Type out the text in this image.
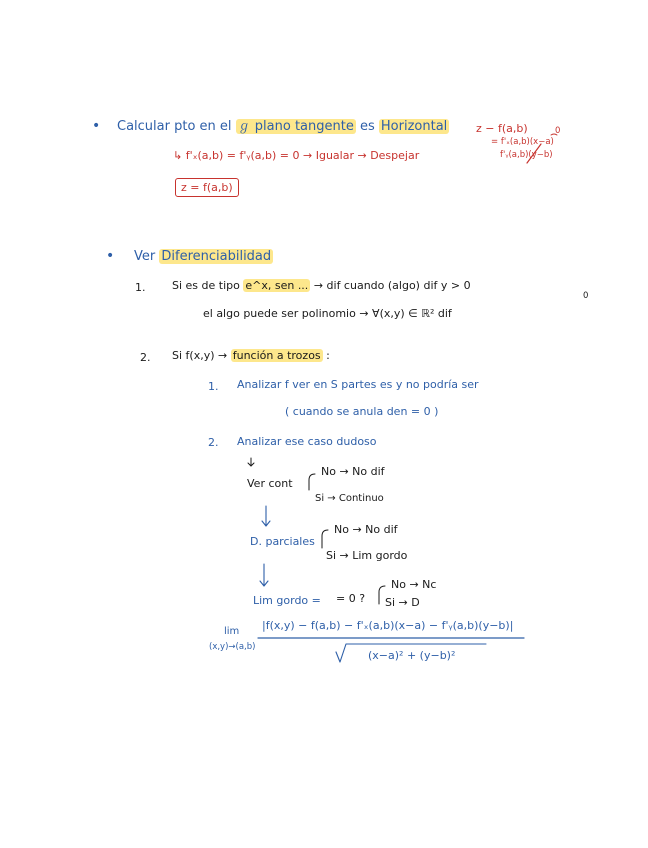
• Calcular pto en el ℊ plano tangente es Horizontal	z − f(a,b)	0
= f'ₓ(a,b)(x−a)
f'ᵧ(a,b)(y−b)
↳ f'ₓ(a,b) = f'ᵧ(a,b) = 0 → Igualar → Despejar
z = f(a,b)
• Ver Diferenciabilidad
1. Si es de tipo e^x, sen ... → dif cuando (algo) dif y > 0
0
el algo puede ser polinomio → ∀(x,y) ∈ ℝ² dif
2. Si f(x,y) → función a trozos :
1. Analizar f ver en S partes es y no podría ser
( cuando se anula den = 0 )
2. Analizar ese caso dudoso
Ver cont
No → No dif
Si → Continuo
D. parciales
No → No dif
Si → Lim gordo
Lim gordo = = 0 ?
No → Nc
Si → D
lim
(x,y)→(a,b)
|f(x,y) − f(a,b) − f'ₓ(a,b)(x−a) − f'ᵧ(a,b)(y−b)|
(x−a)² + (y−b)²
